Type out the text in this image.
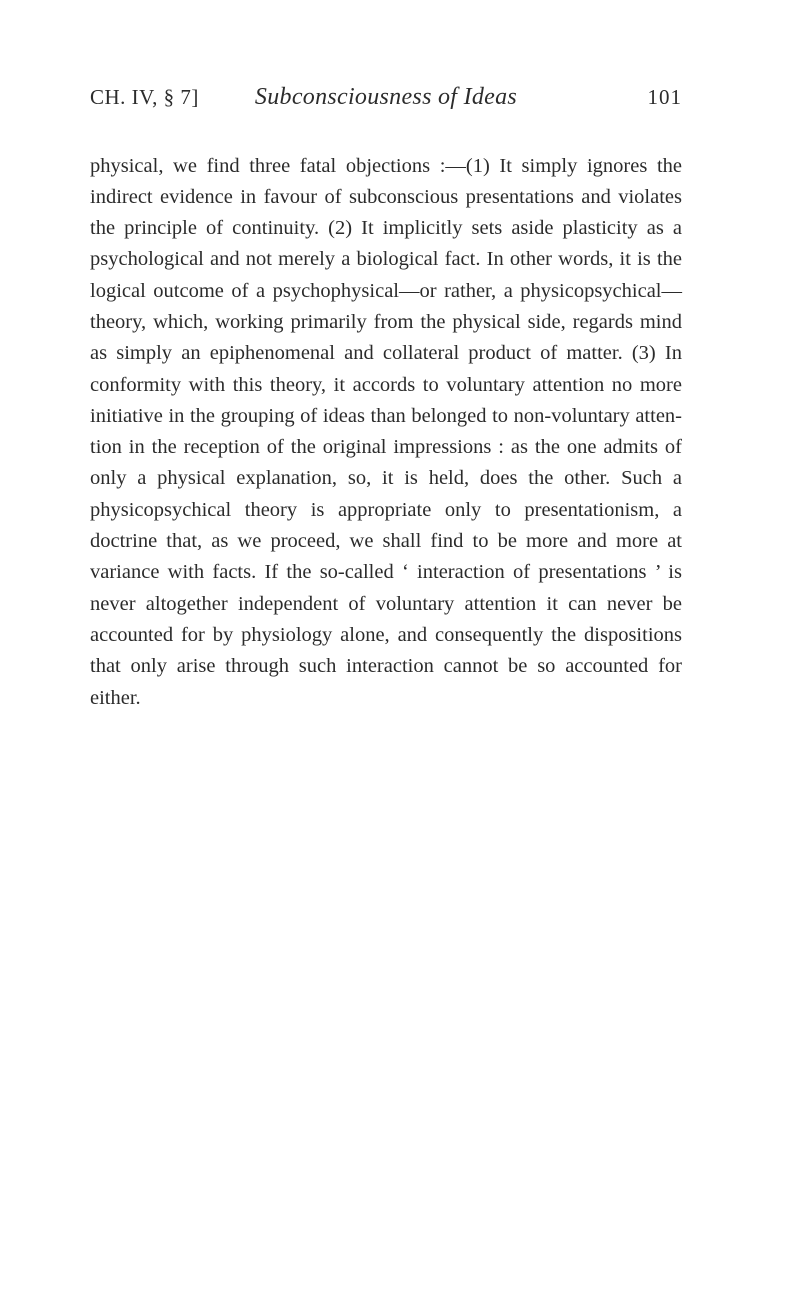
CH. IV, § 7]	Subconsciousness of Ideas	101

physical, we find three fatal objections :—(1) It simply ignores the indirect evidence in favour of subconscious presentations and violates the principle of continuity. (2) It implicitly sets aside plasticity as a psychological and not merely a biological fact. In other words, it is the logical outcome of a psychophysical—or rather, a physicopsychical—theory, which, working primarily from the physical side, regards mind as simply an epiphenomenal and collateral product of matter. (3) In conformity with this theory, it accords to voluntary attention no more initiative in the grouping of ideas than belonged to non-voluntary attention in the reception of the original impressions : as the one admits of only a physical explanation, so, it is held, does the other. Such a physicopsychical theory is appropriate only to presentationism, a doctrine that, as we proceed, we shall find to be more and more at variance with facts. If the so-called ‘ interaction of presentations ’ is never altogether independent of voluntary attention it can never be accounted for by physiology alone, and consequently the dispositions that only arise through such interaction cannot be so accounted for either.
